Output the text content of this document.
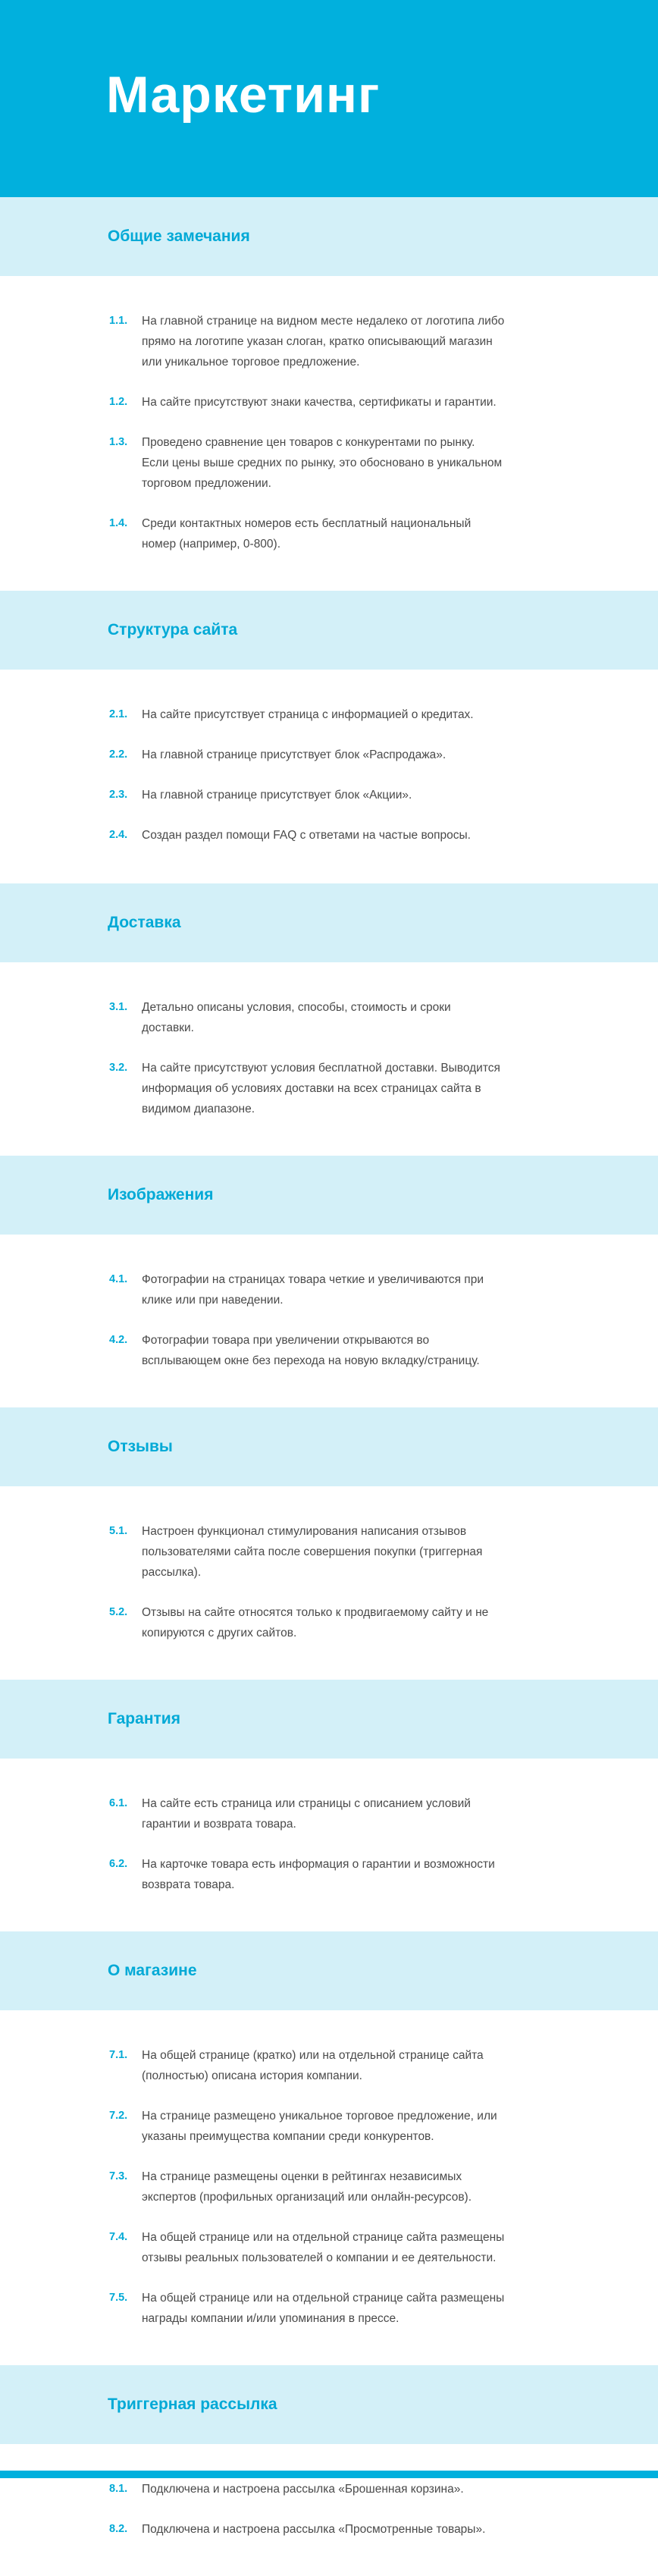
Маркетинг
Общие замечания
1.1.	На главной странице на видном месте недалеко от логотипа либо
прямо на логотипе указан слоган, кратко описывающий магазин
или уникальное торговое предложение.
1.2.	На сайте присутствуют знаки качества, сертификаты и гарантии.
1.3.	Проведено сравнение цен товаров с конкурентами по рынку.
Если цены выше средних по рынку, это обосновано в уникальном
торговом предложении.
1.4.	Среди контактных номеров есть бесплатный национальный
номер (например, 0-800).
Структура сайта
2.1.	На сайте присутствует страница с информацией о кредитах.
2.2.	На главной странице присутствует блок «Распродажа».
2.3.	На главной странице присутствует блок «Акции».
2.4.	Создан раздел помощи FAQ с ответами на частые вопросы.
Доставка
3.1.	Детально описаны условия, способы, стоимость и сроки
доставки.
3.2.	На сайте присутствуют условия бесплатной доставки. Выводится
информация об условиях доставки на всех страницах сайта в
видимом диапазоне.
Изображения
4.1.	Фотографии на страницах товара четкие и увеличиваются при
клике или при наведении.
4.2.	Фотографии товара при увеличении открываются во
всплывающем окне без перехода на новую вкладку/страницу.
Отзывы
5.1.	Настроен функционал стимулирования написания отзывов
пользователями сайта после совершения покупки (триггерная
рассылка).
5.2.	Отзывы на сайте относятся только к продвигаемому сайту и не
копируются с других сайтов.
Гарантия
6.1.	На сайте есть страница или страницы с описанием условий
гарантии и возврата товара.
6.2.	На карточке товара есть информация о гарантии и возможности
возврата товара.
О магазине
7.1.	На общей странице (кратко) или на отдельной странице сайта
(полностью) описана история компании.
7.2.	На странице размещено уникальное торговое предложение, или
указаны преимущества компании среди конкурентов.
7.3.	На странице размещены оценки в рейтингах независимых
экспертов (профильных организаций или онлайн-ресурсов).
7.4.	На общей странице или на отдельной странице сайта размещены
отзывы реальных пользователей о компании и ее деятельности.
7.5.	На общей странице или на отдельной странице сайта размещены
награды компании и/или упоминания в прессе.
Триггерная рассылка
8.1.	Подключена и настроена рассылка «Брошенная корзина».
8.2.	Подключена и настроена рассылка «Просмотренные товары».
